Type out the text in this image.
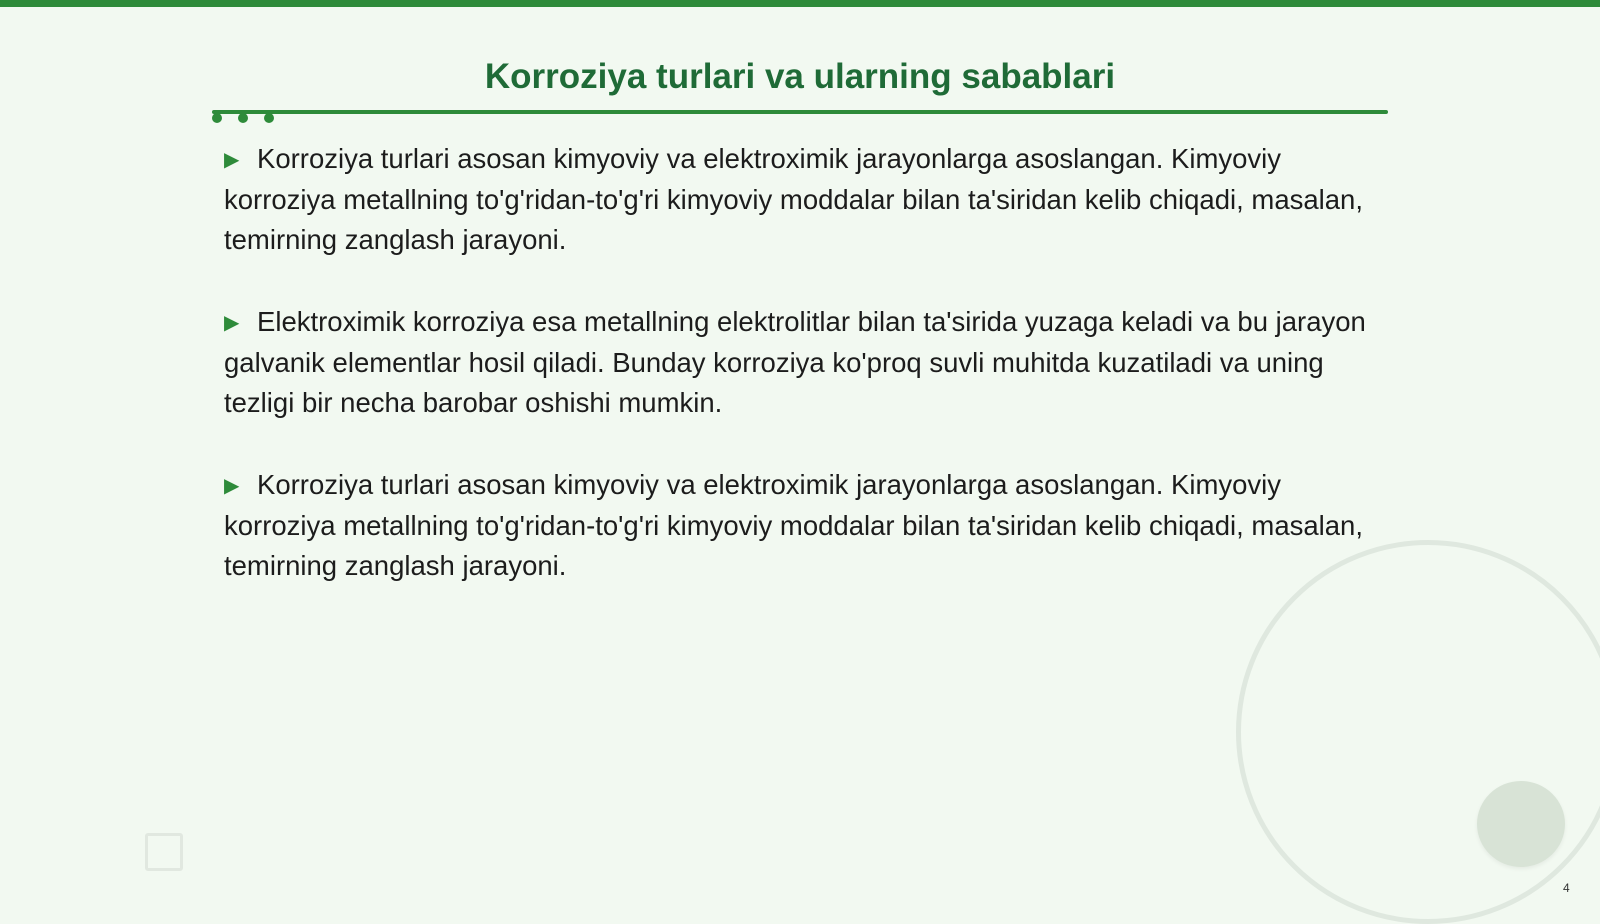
Korroziya turlari va ularning sabablari

▶ Korroziya turlari asosan kimyoviy va elektroximik jarayonlarga asoslangan. Kimyoviy korroziya metallning to'g'ridan-to'g'ri kimyoviy moddalar bilan ta'siridan kelib chiqadi, masalan, temirning zanglash jarayoni.

▶ Elektroximik korroziya esa metallning elektrolitlar bilan ta'sirida yuzaga keladi va bu jarayon galvanik elementlar hosil qiladi. Bunday korroziya ko'proq suvli muhitda kuzatiladi va uning tezligi bir necha barobar oshishi mumkin.

▶ Korroziya turlari asosan kimyoviy va elektroximik jarayonlarga asoslangan. Kimyoviy korroziya metallning to'g'ridan-to'g'ri kimyoviy moddalar bilan ta'siridan kelib chiqadi, masalan, temirning zanglash jarayoni.

4
